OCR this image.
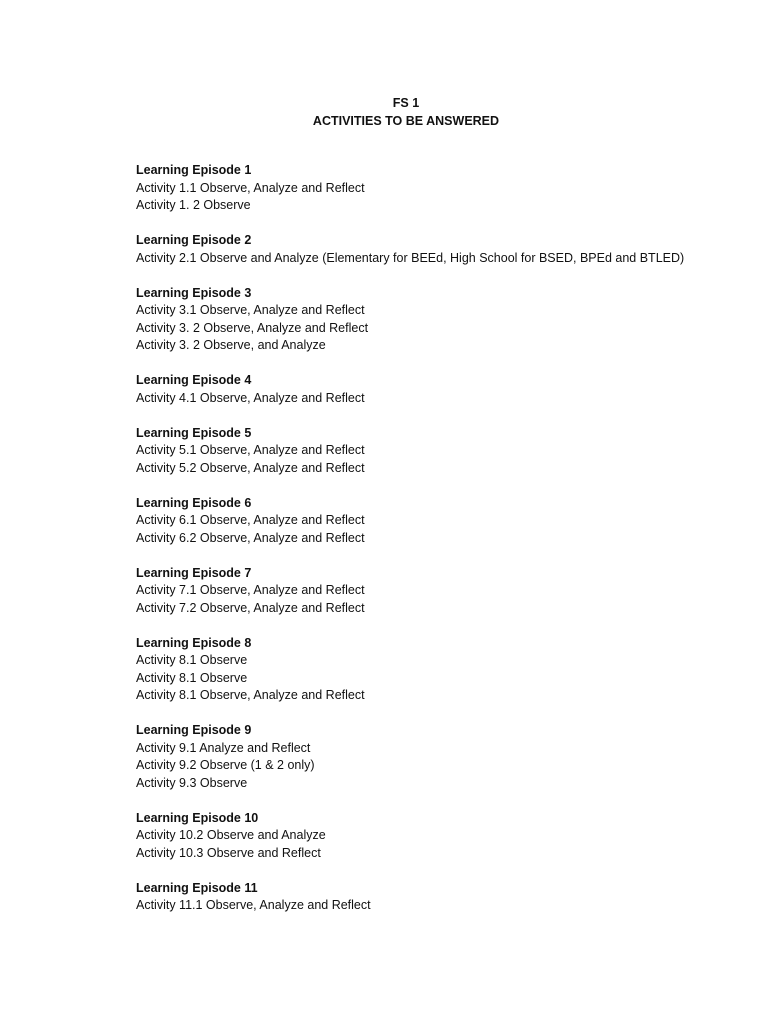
FS 1
ACTIVITIES TO BE ANSWERED
Learning Episode 1
Activity 1.1 Observe, Analyze and Reflect
Activity 1. 2 Observe
Learning Episode 2
Activity 2.1 Observe and Analyze (Elementary for BEEd, High School for BSED, BPEd and BTLED)
Learning Episode 3
Activity 3.1 Observe, Analyze and Reflect
Activity 3. 2 Observe, Analyze and Reflect
Activity 3. 2 Observe, and Analyze
Learning Episode 4
Activity 4.1 Observe, Analyze and Reflect
Learning Episode 5
Activity 5.1 Observe, Analyze and Reflect
Activity 5.2 Observe, Analyze and Reflect
Learning Episode 6
Activity 6.1 Observe, Analyze and Reflect
Activity 6.2 Observe, Analyze and Reflect
Learning Episode 7
Activity 7.1 Observe, Analyze and Reflect
Activity 7.2 Observe, Analyze and Reflect
Learning Episode 8
Activity 8.1 Observe
Activity 8.1 Observe
Activity 8.1 Observe, Analyze and Reflect
Learning Episode 9
Activity 9.1 Analyze and Reflect
Activity 9.2 Observe (1 & 2 only)
Activity 9.3 Observe
Learning Episode 10
Activity 10.2 Observe and Analyze
Activity 10.3 Observe and Reflect
Learning Episode 11
Activity 11.1 Observe, Analyze and Reflect
